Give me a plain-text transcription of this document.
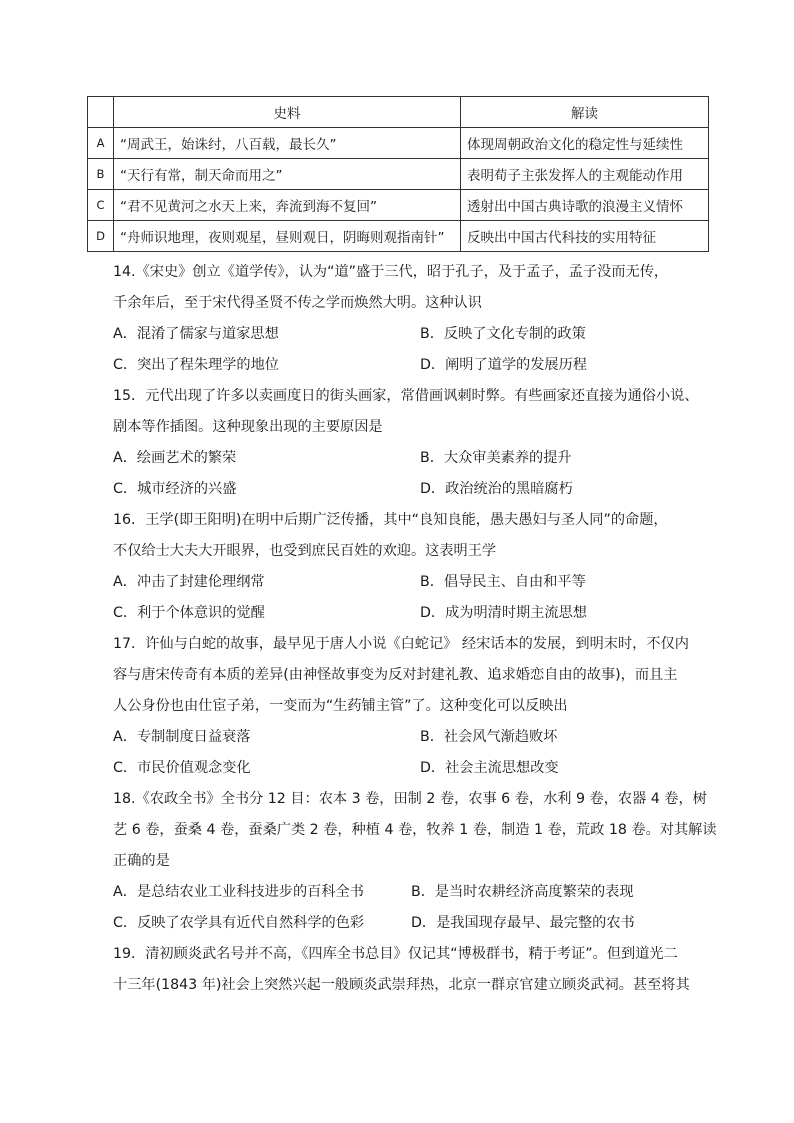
	史料	解读
A	“周武王，始诛纣，八百载，最长久”	体现周朝政治文化的稳定性与延续性
B	“天行有常，制天命而用之”	表明荀子主张发挥人的主观能动作用
C	“君不见黄河之水天上来，奔流到海不复回”	透射出中国古典诗歌的浪漫主义情怀
D	“舟师识地理，夜则观星，昼则观日，阴晦则观指南针”	反映出中国古代科技的实用特征
14.《宋史》创立《道学传》，认为“道”盛于三代，昭于孔子，及于孟子，孟子没而无传，
千余年后，至于宋代得圣贤不传之学而焕然大明。这种认识
A．混淆了儒家与道家思想	B．反映了文化专制的政策
C．突出了程朱理学的地位	D．阐明了道学的发展历程
15．元代出现了许多以卖画度日的街头画家，常借画讽刺时弊。有些画家还直接为通俗小说、
剧本等作插图。这种现象出现的主要原因是
A．绘画艺术的繁荣	B．大众审美素养的提升
C．城市经济的兴盛	D．政治统治的黑暗腐朽
16．王学(即王阳明)在明中后期广泛传播，其中“良知良能，愚夫愚妇与圣人同”的命题，
不仅给士大夫大开眼界，也受到庶民百姓的欢迎。这表明王学
A．冲击了封建伦理纲常	B．倡导民主、自由和平等
C．利于个体意识的觉醒	D．成为明清时期主流思想
17．许仙与白蛇的故事，最早见于唐人小说《白蛇记》 经宋话本的发展，到明末时，不仅内
容与唐宋传奇有本质的差异(由神怪故事变为反对封建礼教、追求婚恋自由的故事)，而且主
人公身份也由仕宦子弟，一变而为“生药铺主管”了。这种变化可以反映出
A．专制制度日益衰落	B．社会风气渐趋败坏
C．市民价值观念变化	D．社会主流思想改变
18.《农政全书》全书分 12 目：农本 3 卷，田制 2 卷，农事 6 卷，水利 9 卷，农器 4 卷，树
艺 6 卷，蚕桑 4 卷，蚕桑广类 2 卷，种植 4 卷，牧养 1 卷，制造 1 卷，荒政 18 卷。对其解读
正确的是
A．是总结农业工业科技进步的百科全书	B．是当时农耕经济高度繁荣的表现
C．反映了农学具有近代自然科学的色彩	D．是我国现存最早、最完整的农书
19．清初顾炎武名号并不高，《四库全书总目》仅记其“博极群书，精于考证”。但到道光二
十三年(1843 年)社会上突然兴起一般顾炎武崇拜热，北京一群京官建立顾炎武祠。甚至将其
